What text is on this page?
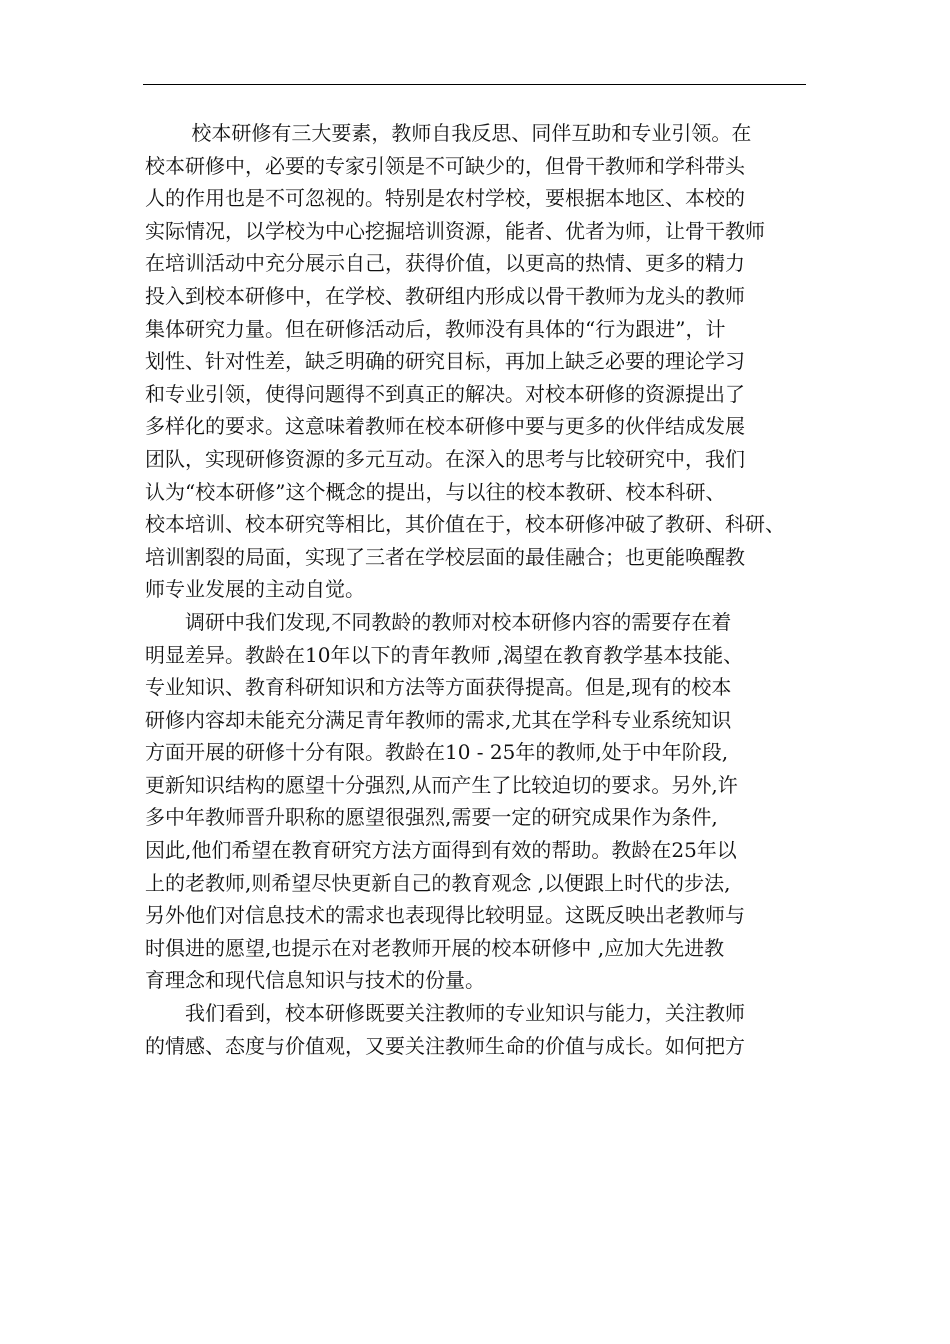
校本研修有三大要素，教师自我反思、同伴互助和专业引领。在
校本研修中，必要的专家引领是不可缺少的，但骨干教师和学科带头
人的作用也是不可忽视的。特别是农村学校，要根据本地区、本校的
实际情况，以学校为中心挖掘培训资源，能者、优者为师，让骨干教师
在培训活动中充分展示自己，获得价值，以更高的热情、更多的精力
投入到校本研修中，在学校、教研组内形成以骨干教师为龙头的教师
集体研究力量。但在研修活动后，教师没有具体的“行为跟进”，计
划性、针对性差，缺乏明确的研究目标，再加上缺乏必要的理论学习
和专业引领，使得问题得不到真正的解决。对校本研修的资源提出了
多样化的要求。这意味着教师在校本研修中要与更多的伙伴结成发展
团队，实现研修资源的多元互动。在深入的思考与比较研究中，我们
认为“校本研修”这个概念的提出，与以往的校本教研、校本科研、
校本培训、校本研究等相比，其价值在于，校本研修冲破了教研、科研、
培训割裂的局面，实现了三者在学校层面的最佳融合；也更能唤醒教
师专业发展的主动自觉。
调研中我们发现,不同教龄的教师对校本研修内容的需要存在着
明显差异。教龄在10年以下的青年教师 ,渴望在教育教学基本技能、
专业知识、教育科研知识和方法等方面获得提高。但是,现有的校本
研修内容却未能充分满足青年教师的需求,尤其在学科专业系统知识
方面开展的研修十分有限。教龄在10 - 25年的教师,处于中年阶段,
更新知识结构的愿望十分强烈,从而产生了比较迫切的要求。另外,许
多中年教师晋升职称的愿望很强烈,需要一定的研究成果作为条件,
因此,他们希望在教育研究方法方面得到有效的帮助。教龄在25年以
上的老教师,则希望尽快更新自己的教育观念 ,以便跟上时代的步法,
另外他们对信息技术的需求也表现得比较明显。这既反映出老教师与
时俱进的愿望,也提示在对老教师开展的校本研修中 ,应加大先进教
育理念和现代信息知识与技术的份量。
我们看到，校本研修既要关注教师的专业知识与能力，关注教师
的情感、态度与价值观，又要关注教师生命的价值与成长。如何把方
